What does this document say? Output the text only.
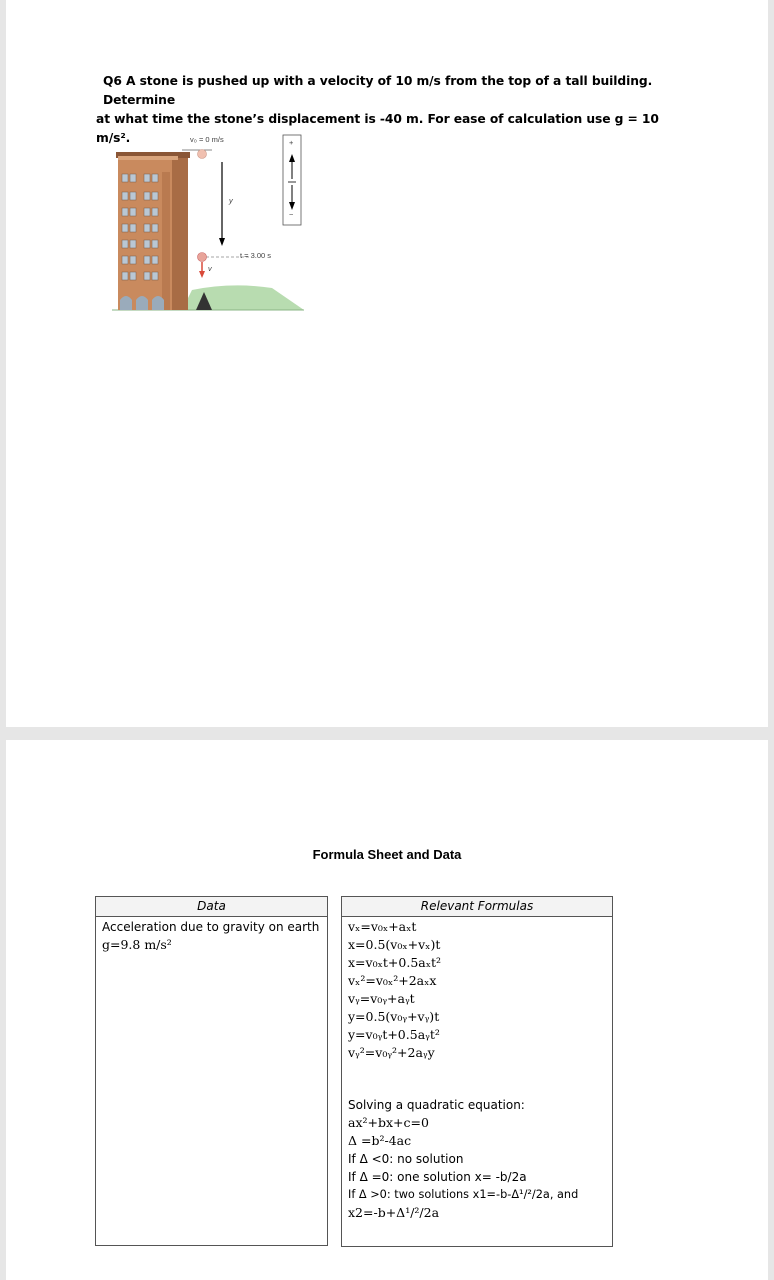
Q6 A stone is pushed up with a velocity of 10 m/s from the top of a tall building. Determine
at what time the stone’s displacement is -40 m. For ease of calculation use g = 10 m/s².	v₀ = 0 m/s
y
v
t = 3.00 s
+
−
Formula Sheet and Data
Data
Acceleration due to gravity on earth
g=9.8 m/s²
Relevant Formulas
vₓ=v₀ₓ+aₓt
x=0.5(v₀ₓ+vₓ)t
x=v₀ₓt+0.5aₓt²
vₓ²=v₀ₓ²+2aₓx
vᵧ=v₀ᵧ+aᵧt
y=0.5(v₀ᵧ+vᵧ)t
y=v₀ᵧt+0.5aᵧt²
vᵧ²=v₀ᵧ²+2aᵧy
Solving a quadratic equation:
ax²+bx+c=0
Δ =b²-4ac
If Δ <0: no solution
If Δ =0: one solution x= -b/2a
If Δ >0: two solutions x1=-b-Δ¹/²/2a, and
x2=-b+Δ¹/²/2a
